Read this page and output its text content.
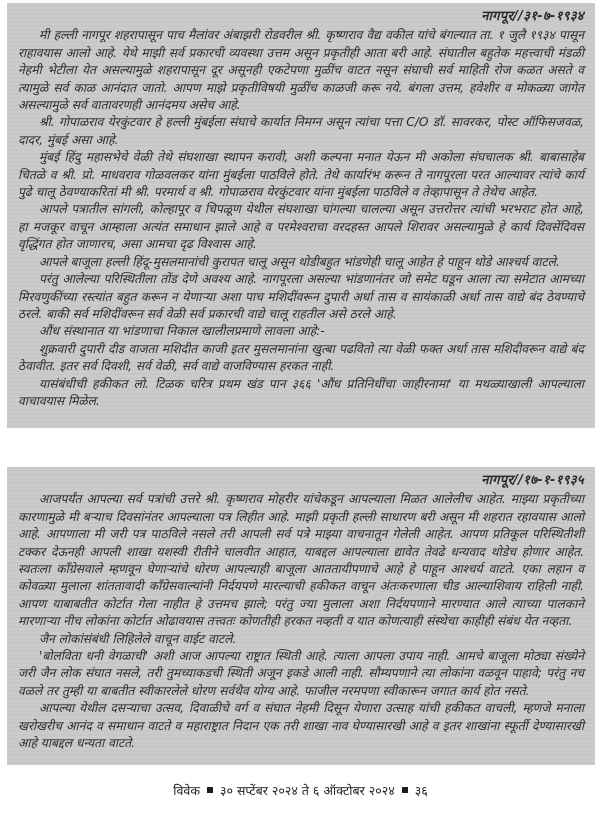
नागपूर//३१-७-१९३४

मी हल्ली नागपूर शहरापासून पाच मैलांवर अंबाझरी रोडवरील श्री. कृष्णराव वैद्य वकील यांचे बंगल्यात ता. १ जुलै १९३४ पासून राहावयास आलो आहे. येथे माझी सर्व प्रकारची व्यवस्था उत्तम असून प्रकृतीही आता बरी आहे. संघातील बहुतेक महत्त्वाची मंडळी नेहमी भेटीला येत असल्यामुळे शहरापासून दूर असूनही एकटेपणा मुळींच वाटत नसून संघाची सर्व माहिती रोज कळत असते व त्यामुळे सर्व काळ आनंदात जातो. आपण माझे प्रकृतीविषयी मुळींच काळजी करू नये. बंगला उत्तम, हवेशीर व मोकळ्या जागेत असल्यामुळे सर्व वातावरणही आनंदमय असेच आहे.

श्री. गोपाळराव येरकुंटवार हे हल्ली मुंबईला संघाचे कार्यात निमग्न असून त्यांचा पत्ता C/O डॉ. सावरकर, पोस्ट ऑफिसजवळ, दादर, मुंबई असा आहे.

मुंबई हिंदु महासभेचे वेळी तेथे संघशाखा स्थापन करावी, अशी कल्पना मनात येऊन मी अकोला संघचालक श्री. बाबासाहेब चितळे व श्री. प्रो. माधवराव गोळवलकर यांना मुंबईला पाठविले होते. तेथे कार्यारंभ करून ते नागपूरला परत आल्यावर त्यांचे कार्य पुढे चालू ठेवण्याकरितां मी श्री. परमार्थ व श्री. गोपाळराव येरकुंटवार यांना मुंबईला पाठविले व तेव्हापासून ते तेथेच आहेत.

आपले पत्रातील सांगली, कोल्हापूर व चिपळूण येथील संघशाखा चांगल्या चालल्या असून उत्तरोत्तर त्यांची भरभराट होत आहे, हा मजकूर वाचून आम्हाला अत्यंत समाधान झाले आहे व परमेश्वराचा वरदहस्त आपले शिरावर असल्यामुळे हे कार्य दिवसेंदिवस वृद्धिंगत होत जाणारच, असा आमचा दृढ विश्वास आहे.

आपले बाजूला हल्ली हिंदू-मुसलमानांची कुरापत चालू असून थोडीबहुत भांडणेही चालू आहेत हे पाहून थोडे आश्चर्य वाटले.

परंतु आलेल्या परिस्थितीला तोंड देणे अवश्य आहे. नागपूरला असल्या भांडणानंतर जो समेट घडून आला त्या समेटात आमच्या मिरवणुकींच्या रस्त्यांत बहुत करून न येणाऱ्या अशा पाच मशिदींवरून दुपारी अर्धा तास व सायंकाळी अर्धा तास वाद्ये बंद ठेवण्याचे ठरले. बाकी सर्व मशिदींवरून सर्व वेळी सर्व प्रकारची वाद्ये चालू राहतील असे ठरले आहे.

औंध संस्थानात या भांडणाचा निकाल खालीलप्रमाणे लावला आहे:-

शुक्रवारी दुपारी दीड वाजता मशिदीत काजी इतर मुसलमानांना खुत्बा पढवितो त्या वेळी फक्त अर्धा तास मशिदीवरून वाद्ये बंद ठेवावीत. इतर सर्व दिवशी, सर्व वेळी, सर्व वाद्ये वाजविण्यास हरकत नाही.

यासंबंधीची हकीकत लो. टिळक चरित्र प्रथम खंड पान ३६६ 'औंध प्रतिनिधींचा जाहीरनामा' या मथळ्याखाली आपल्याला वाचावयास मिळेल.

नागपूर//१७-१-१९३५

आजपर्यंत आपल्या सर्व पत्रांची उत्तरे श्री. कृष्णराव मोहरीर यांचेकडून आपल्याला मिळत आलेलीच आहेत. माझ्या प्रकृतीच्या कारणामुळे मी बऱ्याच दिवसांनंतर आपल्याला पत्र लिहीत आहे. माझी प्रकृती हल्ली साधारण बरी असून मी शहरात रहावयास आलो आहे. आपणाला मी जरी पत्र पाठविले नसले तरी आपली सर्व पत्रे माझ्या वाचनातून गेलेली आहेत. आपण प्रतिकूल परिस्थितीशी टक्कर देऊनही आपली शाखा यशस्वी रीतीने चालवीत आहात, याबद्दल आपल्याला द्यावेत तेवढे धन्यवाद थोडेच होणार आहेत. स्वतःला काँग्रेसवाले म्हणवून घेणाऱ्यांचे धोरण आपल्याही बाजूला आततायीपणाचे आहे हे पाहून आश्चर्य वाटते. एका लहान व कोवळ्या मुलाला शांततावादी काँग्रेसवाल्यांनी निर्दयपणे मारल्याची हकीकत वाचून अंतःकरणाला चीड आल्याशिवाय राहिली नाही. आपण याबाबतीत कोर्टात गेला नाहीत हे उत्तमच झाले; परंतु ज्या मुलाला अशा निर्दयपणाने मारण्यात आले त्याच्या पालकाने मारणाऱ्या नीच लोकांना कोर्टात ओढावयास तत्त्वतः कोणतीही हरकत नव्हती व यात कोणत्याही संस्थेचा काहीही संबंध येत नव्हता.

जैन लोकांसंबंधी लिहिलेले वाचून वाईट वाटले.

'बोलविता धनी वेगळाची' अशी आज आपल्या राष्ट्रात स्थिती आहे. त्याला आपला उपाय नाही. आमचे बाजूला मोठ्या संख्येने जरी जैन लोक संघात नसले, तरी तुमच्याकडची स्थिती अजून इकडे आली नाही. सौम्यपणाने त्या लोकांना वळवून पाहावे; परंतु नच वळले तर तुम्ही या बाबतीत स्वीकारलेले धोरण सर्वथैव योग्य आहे. फाजील नरमपणा स्वीकारून जगात कार्य होत नसते.

आपल्या येथील दसऱ्याचा उत्सव, दिवाळीचे वर्ग व संघात नेहमी दिसून येणारा उत्साह यांची हकीकत वाचली, म्हणजे मनाला खरोखरीच आनंद व समाधान वाटते व महाराष्ट्रात निदान एक तरी शाखा नाव घेण्यासारखी आहे व इतर शाखांना स्फूर्ती देण्यासारखी आहे याबद्दल धन्यता वाटते.

विवेक ३० सप्टेंबर २०२४ ते ६ ऑक्टोबर २०२४ ३६
